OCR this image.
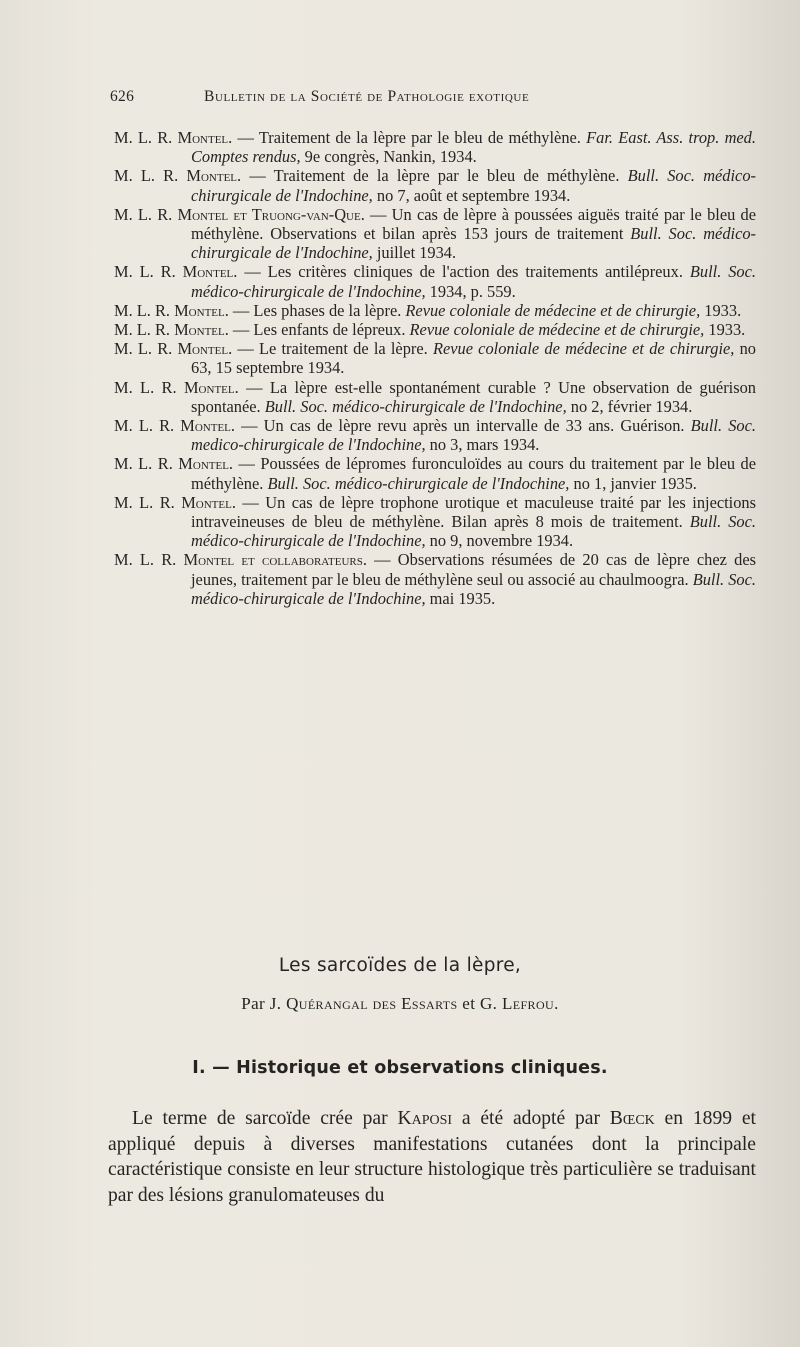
626	Bulletin de la Société de Pathologie exotique
M. L. R. Montel. — Traitement de la lèpre par le bleu de méthylène. Far. East. Ass. trop. med. Comptes rendus, 9e congrès, Nankin, 1934.
M. L. R. Montel. — Traitement de la lèpre par le bleu de méthylène. Bull. Soc. médico-chirurgicale de l'Indochine, no 7, août et septembre 1934.
M. L. R. Montel et Truong-van-Que. — Un cas de lèpre à poussées aiguës traité par le bleu de méthylène. Observations et bilan après 153 jours de traitement Bull. Soc. médico-chirurgicale de l'Indochine, juillet 1934.
M. L. R. Montel. — Les critères cliniques de l'action des traitements antilépreux. Bull. Soc. médico-chirurgicale de l'Indochine, 1934, p. 559.
M. L. R. Montel. — Les phases de la lèpre. Revue coloniale de médecine et de chirurgie, 1933.
M. L. R. Montel. — Les enfants de lépreux. Revue coloniale de médecine et de chirurgie, 1933.
M. L. R. Montel. — Le traitement de la lèpre. Revue coloniale de médecine et de chirurgie, no 63, 15 septembre 1934.
M. L. R. Montel. — La lèpre est-elle spontanément curable ? Une observation de guérison spontanée. Bull. Soc. médico-chirurgicale de l'Indochine, no 2, février 1934.
M. L. R. Montel. — Un cas de lèpre revu après un intervalle de 33 ans. Guérison. Bull. Soc. medico-chirurgicale de l'Indochine, no 3, mars 1934.
M. L. R. Montel. — Poussées de lépromes furonculoïdes au cours du traitement par le bleu de méthylène. Bull. Soc. médico-chirurgicale de l'Indochine, no 1, janvier 1935.
M. L. R. Montel. — Un cas de lèpre trophone urotique et maculeuse traité par les injections intraveineuses de bleu de méthylène. Bilan après 8 mois de traitement. Bull. Soc. médico-chirurgicale de l'Indochine, no 9, novembre 1934.
M. L. R. Montel et collaborateurs. — Observations résumées de 20 cas de lèpre chez des jeunes, traitement par le bleu de méthylène seul ou associé au chaulmoogra. Bull. Soc. médico-chirurgicale de l'Indochine, mai 1935.
Les sarcoïdes de la lèpre,
Par J. Quérangal des Essarts et G. Lefrou.
I. — Historique et observations cliniques.
Le terme de sarcoïde crée par Kaposi a été adopté par Bœck en 1899 et appliqué depuis à diverses manifestations cutanées dont la principale caractéristique consiste en leur structure histologique très particulière se traduisant par des lésions granulomateuses du
